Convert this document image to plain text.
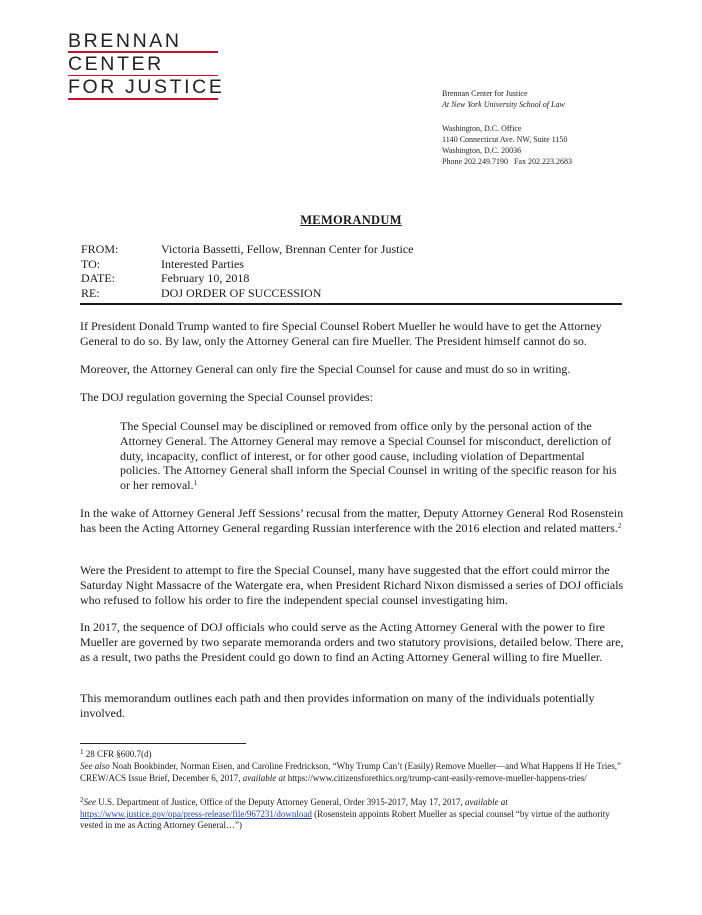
BRENNAN
CENTER
FOR JUSTICE	Brennan Center for Justice
At New York University School of Law
Washington, D.C. Office
1140 Connecticut Ave. NW, Suite 1150
Washington, D.C. 20036
Phone 202.249.7190   Fax 202.223.2683
MEMORANDUM
FROM:	Victoria Bassetti, Fellow, Brennan Center for Justice
TO:	Interested Parties
DATE:	February 10, 2018
RE:	DOJ ORDER OF SUCCESSION

If President Donald Trump wanted to fire Special Counsel Robert Mueller he would have to get the Attorney General to do so. By law, only the Attorney General can fire Mueller. The President himself cannot do so.

Moreover, the Attorney General can only fire the Special Counsel for cause and must do so in writing.

The DOJ regulation governing the Special Counsel provides:

The Special Counsel may be disciplined or removed from office only by the personal action of the Attorney General. The Attorney General may remove a Special Counsel for misconduct, dereliction of duty, incapacity, conflict of interest, or for other good cause, including violation of Departmental policies. The Attorney General shall inform the Special Counsel in writing of the specific reason for his or her removal.$^1$

In the wake of Attorney General Jeff Sessions’ recusal from the matter, Deputy Attorney General Rod Rosenstein has been the Acting Attorney General regarding Russian interference with the 2016 election and related matters.$^2$

Were the President to attempt to fire the Special Counsel, many have suggested that the effort could mirror the Saturday Night Massacre of the Watergate era, when President Richard Nixon dismissed a series of DOJ officials who refused to follow his order to fire the independent special counsel investigating him.

In 2017, the sequence of DOJ officials who could serve as the Acting Attorney General with the power to fire Mueller are governed by two separate memoranda orders and two statutory provisions, detailed below. There are, as a result, two paths the President could go down to find an Acting Attorney General willing to fire Mueller.

This memorandum outlines each path and then provides information on many of the individuals potentially involved.

$^1$ 28 CFR §600.7(d)

See also Noah Bookbinder, Norman Eisen, and Caroline Fredrickson, “Why Trump Can’t (Easily) Remove Mueller—and What Happens If He Tries,” CREW/ACS Issue Brief, December 6, 2017, available at https://www.citizensforethics.org/trump-cant-easily-remove-mueller-happens-tries/

$^2$See U.S. Department of Justice, Office of the Deputy Attorney General, Order 3915-2017, May 17, 2017, available at
https://www.justice.gov/opa/press-release/file/967231/download (Rosenstein appoints Robert Mueller as special counsel “by virtue of the authority vested in me as Acting Attorney General…”)
